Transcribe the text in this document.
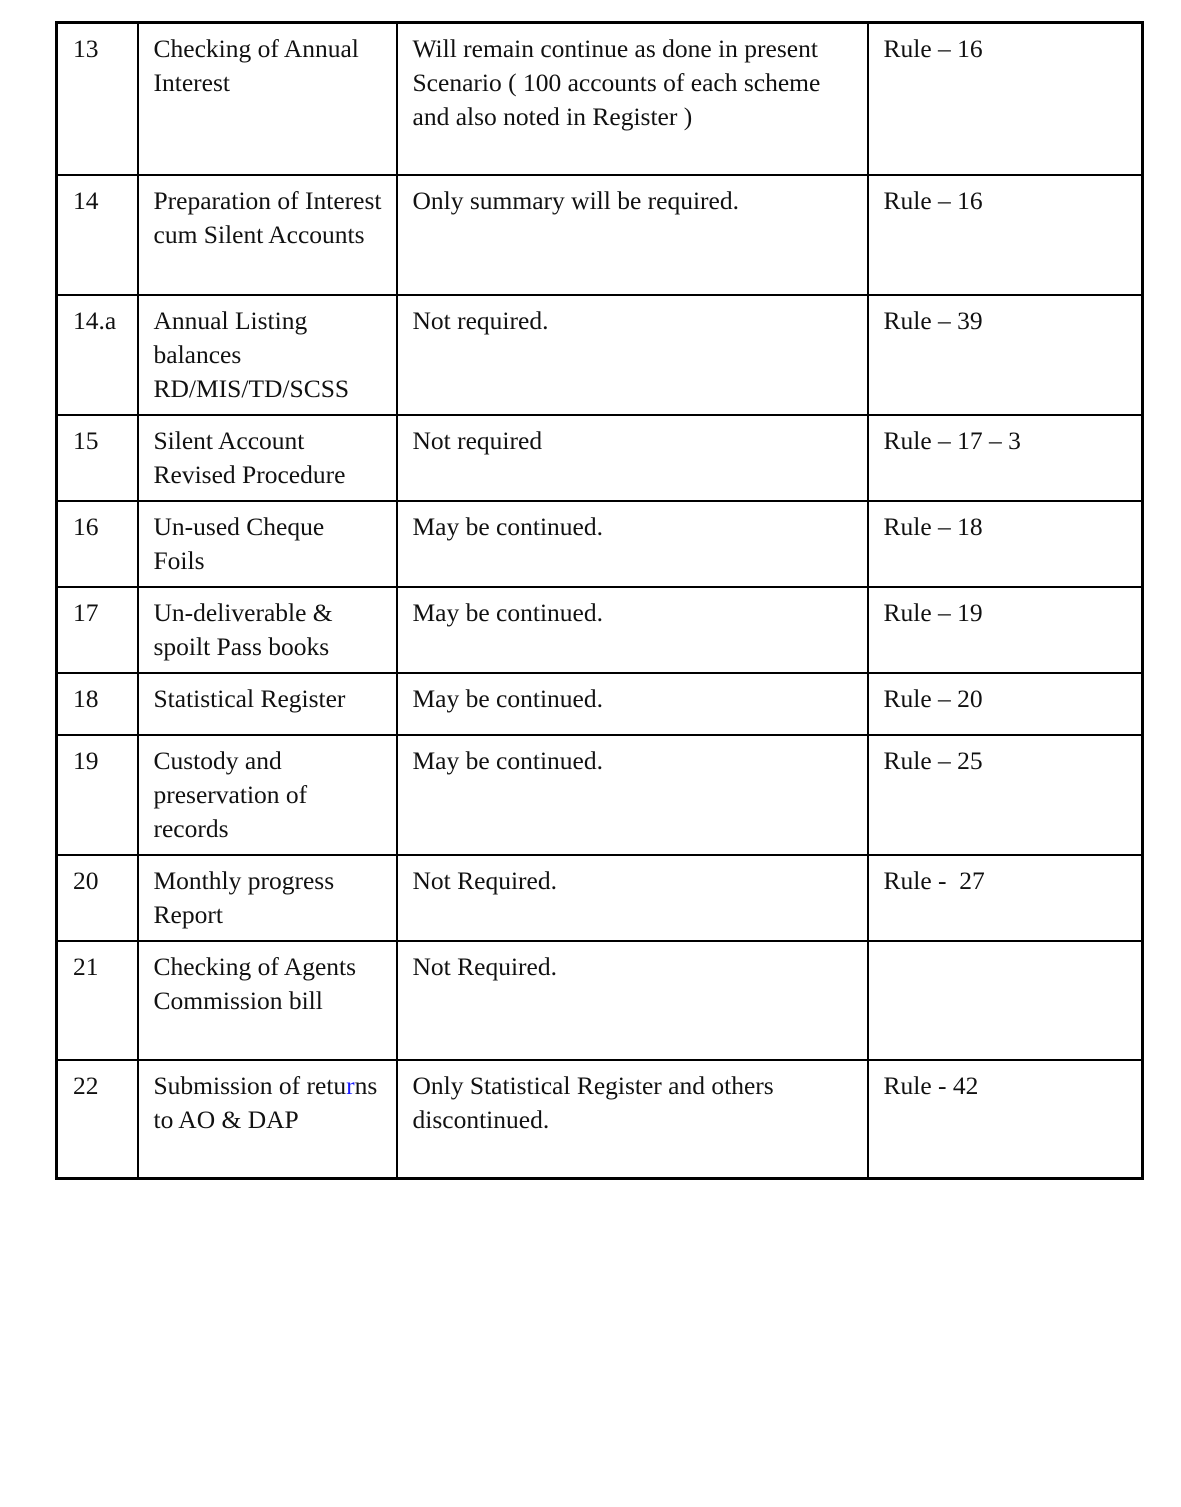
13	Checking of Annual Interest	Will remain continue as done in present Scenario ( 100 accounts of each scheme and also noted in Register )	Rule – 16
14	Preparation of Interest cum Silent Accounts	Only summary will be required.	Rule – 16
14.a	Annual Listing balances RD/MIS/TD/SCSS	Not required.	Rule – 39
15	Silent Account Revised Procedure	Not required	Rule – 17 – 3
16	Un-used Cheque Foils	May be continued.	Rule – 18
17	Un-deliverable & spoilt Pass books	May be continued.	Rule – 19
18	Statistical Register	May be continued.	Rule – 20
19	Custody and preservation of records	May be continued.	Rule – 25
20	Monthly progress Report	Not Required.	Rule -  27
21	Checking of Agents Commission bill	Not Required.	
22	Submission of returns to AO & DAP	Only Statistical Register and others discontinued.	Rule - 42
